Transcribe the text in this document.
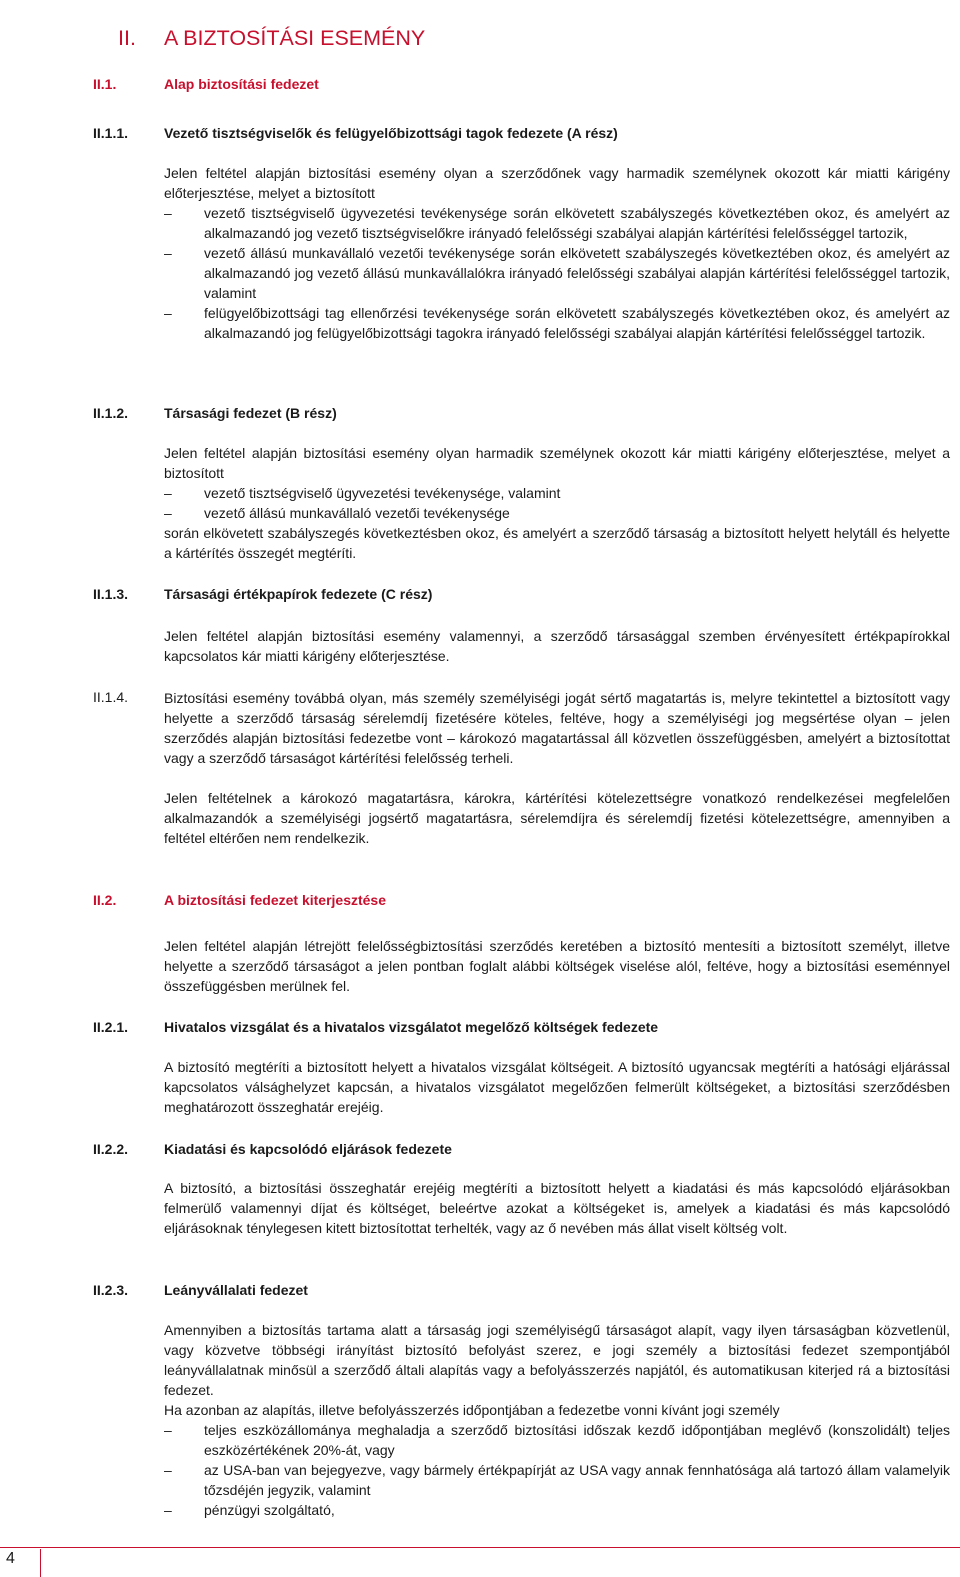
II. A BIZTOSÍTÁSI ESEMÉNY
II.1.	Alap biztosítási fedezet
II.1.1.	Vezető tisztségviselők és felügyelőbizottsági tagok fedezete (A rész)

Jelen feltétel alapján biztosítási esemény olyan a szerződőnek vagy harmadik személynek okozott kár miatti kárigény előterjesztése, melyet a biztosított

– vezető tisztségviselő ügyvezetési tevékenysége során elkövetett szabályszegés következtében okoz, és amelyért az alkalmazandó jog vezető tisztségviselőkre irányadó felelősségi szabályai alapján kártérítési felelősséggel tartozik,

– vezető állású munkavállaló vezetői tevékenysége során elkövetett szabályszegés következtében okoz, és amelyért az alkalmazandó jog vezető állású munkavállalókra irányadó felelősségi szabályai alapján kártérítési felelősséggel tartozik, valamint

– felügyelőbizottsági tag ellenőrzési tevékenysége során elkövetett szabályszegés következtében okoz, és amelyért az alkalmazandó jog felügyelőbizottsági tagokra irányadó felelősségi szabályai alapján kártérítési felelősséggel tartozik.

II.1.2.	Társasági fedezet (B rész)

Jelen feltétel alapján biztosítási esemény olyan harmadik személynek okozott kár miatti kárigény előterjesztése, melyet a biztosított

– vezető tisztségviselő ügyvezetési tevékenysége, valamint

– vezető állású munkavállaló vezetői tevékenysége

során elkövetett szabályszegés következtésben okoz, és amelyért a szerződő társaság a biztosított helyett helytáll és helyette a kártérítés összegét megtéríti.

II.1.3.	Társasági értékpapírok fedezete (C rész)

Jelen feltétel alapján biztosítási esemény valamennyi, a szerződő társasággal szemben érvényesített értékpapírokkal kapcsolatos kár miatti kárigény előterjesztése.

II.1.4.	Biztosítási esemény továbbá olyan, más személy személyiségi jogát sértő magatartás is, melyre tekintettel a biztosított vagy helyette a szerződő társaság sérelemdíj fizetésére köteles, feltéve, hogy a személyiségi jog megsértése olyan – jelen szerződés alapján biztosítási fedezetbe vont – károkozó magatartással áll közvetlen összefüggésben, amelyért a biztosítottat vagy a szerződő társaságot kártérítési felelősség terheli.

Jelen feltételnek a károkozó magatartásra, károkra, kártérítési kötelezettségre vonatkozó rendelkezései megfelelően alkalmazandók a személyiségi jogsértő magatartásra, sérelemdíjra és sérelemdíj fizetési kötelezettségre, amennyiben a feltétel eltérően nem rendelkezik.

II.2.	A biztosítási fedezet kiterjesztése

Jelen feltétel alapján létrejött felelősségbiztosítási szerződés keretében a biztosító mentesíti a biztosított személyt, illetve helyette a szerződő társaságot a jelen pontban foglalt alábbi költségek viselése alól, feltéve, hogy a biztosítási eseménnyel összefüggésben merülnek fel.

II.2.1.	Hivatalos vizsgálat és a hivatalos vizsgálatot megelőző költségek fedezete

A biztosító megtéríti a biztosított helyett a hivatalos vizsgálat költségeit. A biztosító ugyancsak megtéríti a hatósági eljárással kapcsolatos válsághelyzet kapcsán, a hivatalos vizsgálatot megelőzően felmerült költségeket, a biztosítási szerződésben meghatározott összeghatár erejéig.

II.2.2.	Kiadatási és kapcsolódó eljárások fedezete

A biztosító, a biztosítási összeghatár erejéig megtéríti a biztosított helyett a kiadatási és más kapcsolódó eljárásokban felmerülő valamennyi díjat és költséget, beleértve azokat a költségeket is, amelyek a kiadatási és más kapcsolódó eljárásoknak ténylegesen kitett biztosítottat terhelték, vagy az ő nevében más állat viselt költség volt.

II.2.3.	Leányvállalati fedezet

Amennyiben a biztosítás tartama alatt a társaság jogi személyiségű társaságot alapít, vagy ilyen társaságban közvetlenül, vagy közvetve többségi irányítást biztosító befolyást szerez, e jogi személy a biztosítási fedezet szempontjából leányvállalatnak minősül a szerződő általi alapítás vagy a befolyásszerzés napjától, és automatikusan kiterjed rá a biztosítási fedezet.

Ha azonban az alapítás, illetve befolyásszerzés időpontjában a fedezetbe vonni kívánt jogi személy

– teljes eszközállománya meghaladja a szerződő biztosítási időszak kezdő időpontjában meglévő (konszolidált) teljes eszközértékének 20%-át, vagy

– az USA-ban van bejegyezve, vagy bármely értékpapírját az USA vagy annak fennhatósága alá tartozó állam valamelyik tőzsdéjén jegyzik, valamint

– pénzügyi szolgáltató,

4
